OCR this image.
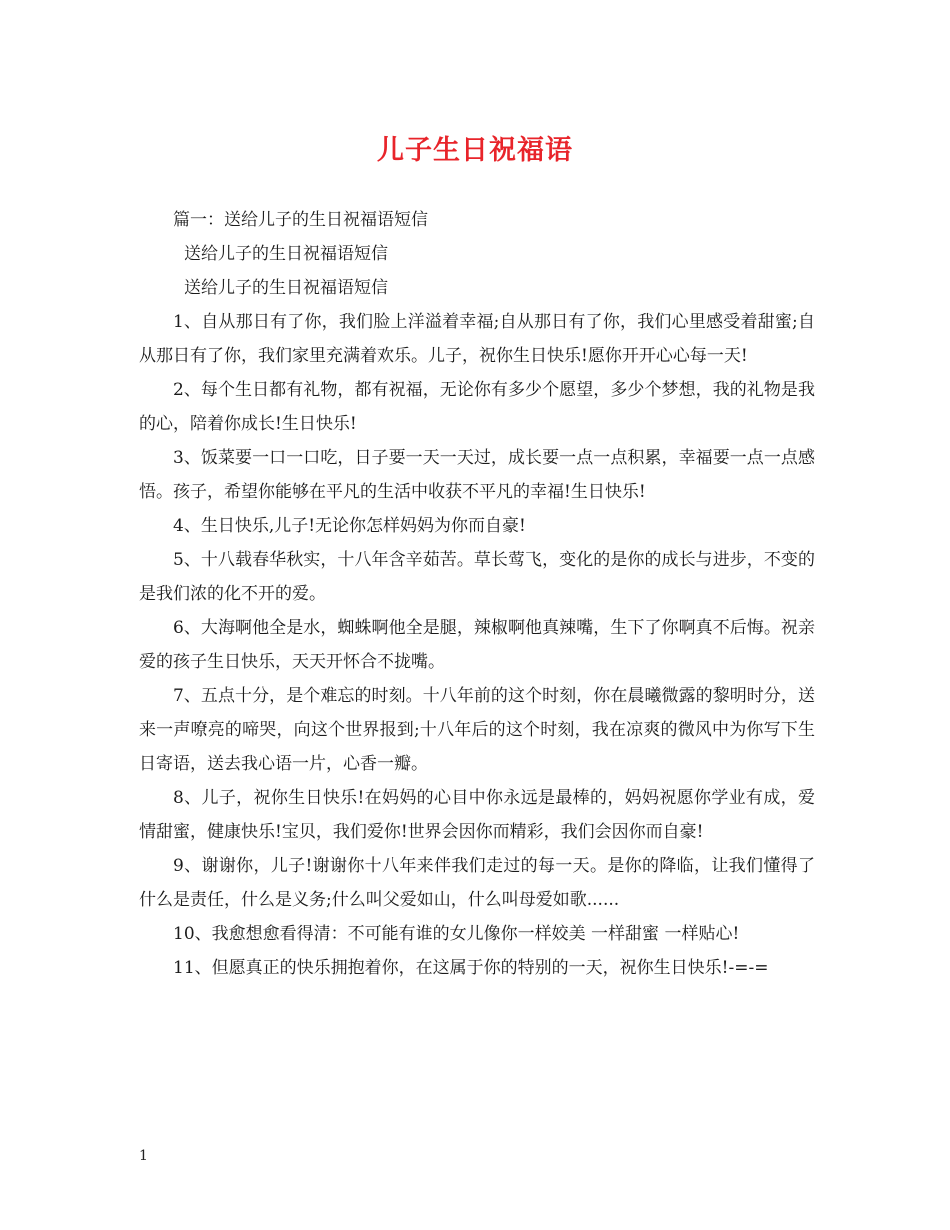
儿子生日祝福语

篇一：送给儿子的生日祝福语短信

送给儿子的生日祝福语短信

送给儿子的生日祝福语短信

1、自从那日有了你，我们脸上洋溢着幸福;自从那日有了你，我们心里感受着甜蜜;自从那日有了你，我们家里充满着欢乐。儿子，祝你生日快乐!愿你开开心心每一天!

2、每个生日都有礼物，都有祝福，无论你有多少个愿望，多少个梦想，我的礼物是我的心，陪着你成长!生日快乐!

3、饭菜要一口一口吃，日子要一天一天过，成长要一点一点积累，幸福要一点一点感悟。孩子，希望你能够在平凡的生活中收获不平凡的幸福!生日快乐!

4、生日快乐,儿子!无论你怎样妈妈为你而自豪!

5、十八载春华秋实，十八年含辛茹苦。草长莺飞，变化的是你的成长与进步，不变的是我们浓的化不开的爱。

6、大海啊他全是水，蜘蛛啊他全是腿，辣椒啊他真辣嘴，生下了你啊真不后悔。祝亲爱的孩子生日快乐，天天开怀合不拢嘴。

7、五点十分，是个难忘的时刻。十八年前的这个时刻，你在晨曦微露的黎明时分，送来一声嘹亮的啼哭，向这个世界报到;十八年后的这个时刻，我在凉爽的微风中为你写下生日寄语，送去我心语一片，心香一瓣。

8、儿子，祝你生日快乐!在妈妈的心目中你永远是最棒的，妈妈祝愿你学业有成，爱情甜蜜，健康快乐!宝贝，我们爱你!世界会因你而精彩，我们会因你而自豪!

9、谢谢你，儿子!谢谢你十八年来伴我们走过的每一天。是你的降临，让我们懂得了什么是责任，什么是义务;什么叫父爱如山，什么叫母爱如歌......

10、我愈想愈看得清：不可能有谁的女儿像你一样姣美 一样甜蜜 一样贴心!

11、但愿真正的快乐拥抱着你，在这属于你的特别的一天，祝你生日快乐!-=-=

1
